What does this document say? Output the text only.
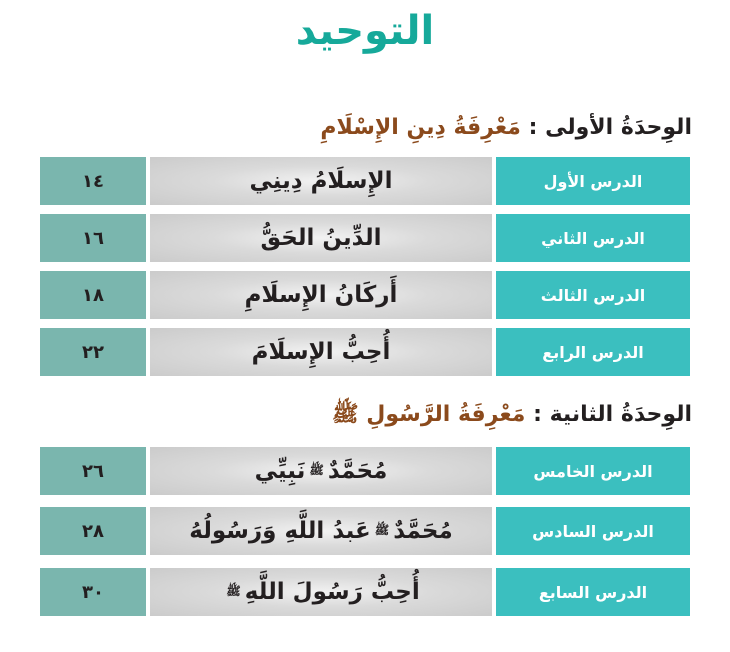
التوحيد
الوِحدَةُ الأولى : مَعْرِفَةُ دِينِ الإِسْلَامِ
الدرس الأول
الإِسلَامُ دِينِي
١٤
الدرس الثاني
الدِّينُ الحَقُّ
١٦
الدرس الثالث
أَركَانُ الإِسلَامِ
١٨
الدرس الرابع
أُحِبُّ الإِسلَامَ
٢٢
الوِحدَةُ الثانية : مَعْرِفَةُ الرَّسُولِ ﷺ
الدرس الخامس
مُحَمَّدٌ
ﷺ
نَبِيِّي
٢٦
الدرس السادس
مُحَمَّدٌ
ﷺ
عَبدُ اللَّهِ وَرَسُولُهُ
٢٨
الدرس السابع
أُحِبُّ رَسُولَ اللَّهِ
ﷺ
٣٠
